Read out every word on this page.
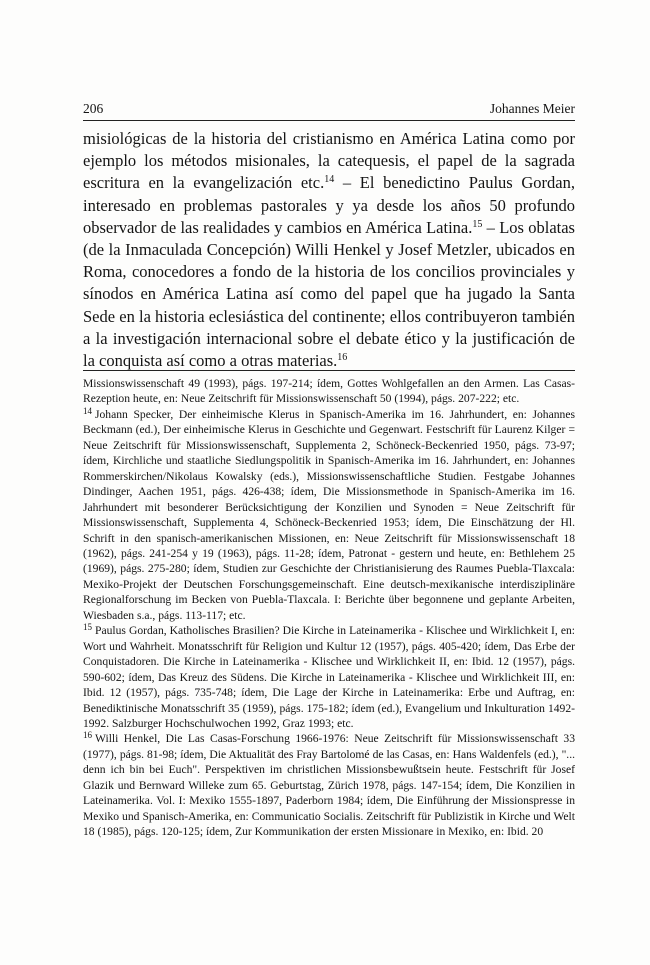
206	Johannes Meier

misiológicas de la historia del cristianismo en América Latina como por ejemplo los métodos misionales, la catequesis, el papel de la sagrada escritura en la evangelización etc.$^{14}$ – El benedictino Paulus Gordan, interesado en problemas pastorales y ya desde los años 50 profundo observador de las realidades y cambios en América Latina.$^{15}$ – Los oblatas (de la Inmaculada Concepción) Willi Henkel y Josef Metzler, ubicados en Roma, conocedores a fondo de la historia de los concilios provinciales y sínodos en América Latina así como del papel que ha jugado la Santa Sede en la historia eclesiástica del continente; ellos contribuyeron también a la investigación internacional sobre el debate ético y la justificación de la conquista así como a otras materias.$^{16}$

Missionswissenschaft 49 (1993), págs. 197-214; ídem, Gottes Wohlgefallen an den Armen. Las Casas-Rezeption heute, en: Neue Zeitschrift für Missionswissenschaft 50 (1994), págs. 207-222; etc.

$^{14}$ Johann Specker, Der einheimische Klerus in Spanisch-Amerika im 16. Jahrhundert, en: Johannes Beckmann (ed.), Der einheimische Klerus in Geschichte und Gegenwart. Festschrift für Laurenz Kilger = Neue Zeitschrift für Missionswissenschaft, Supplementa 2, Schöneck-Beckenried 1950, págs. 73-97; ídem, Kirchliche und staatliche Siedlungspolitik in Spanisch-Amerika im 16. Jahrhundert, en: Johannes Rommerskirchen/Nikolaus Kowalsky (eds.), Missionswissenschaftliche Studien. Festgabe Johannes Dindinger, Aachen 1951, págs. 426-438; ídem, Die Missionsmethode in Spanisch-Amerika im 16. Jahrhundert mit besonderer Berücksichtigung der Konzilien und Synoden = Neue Zeitschrift für Missionswissenschaft, Supplementa 4, Schöneck-Beckenried 1953; ídem, Die Einschätzung der Hl. Schrift in den spanisch-amerikanischen Missionen, en: Neue Zeitschrift für Missionswissenschaft 18 (1962), págs. 241-254 y 19 (1963), págs. 11-28; ídem, Patronat - gestern und heute, en: Bethlehem 25 (1969), págs. 275-280; ídem, Studien zur Geschichte der Christianisierung des Raumes Puebla-Tlaxcala: Mexiko-Projekt der Deutschen Forschungsgemeinschaft. Eine deutsch-mexikanische interdisziplinäre Regionalforschung im Becken von Puebla-Tlaxcala. I: Berichte über begonnene und geplante Arbeiten, Wiesbaden s.a., págs. 113-117; etc.

$^{15}$ Paulus Gordan, Katholisches Brasilien? Die Kirche in Lateinamerika - Klischee und Wirklichkeit I, en: Wort und Wahrheit. Monatsschrift für Religion und Kultur 12 (1957), págs. 405-420; ídem, Das Erbe der Conquistadoren. Die Kirche in Lateinamerika - Klischee und Wirklichkeit II, en: Ibid. 12 (1957), págs. 590-602; ídem, Das Kreuz des Südens. Die Kirche in Lateinamerika - Klischee und Wirklichkeit III, en: Ibid. 12 (1957), págs. 735-748; ídem, Die Lage der Kirche in Lateinamerika: Erbe und Auftrag, en: Benediktinische Monatsschrift 35 (1959), págs. 175-182; ídem (ed.), Evangelium und Inkulturation 1492-1992. Salzburger Hochschulwochen 1992, Graz 1993; etc.

$^{16}$ Willi Henkel, Die Las Casas-Forschung 1966-1976: Neue Zeitschrift für Missionswissenschaft 33 (1977), págs. 81-98; ídem, Die Aktualität des Fray Bartolomé de las Casas, en: Hans Waldenfels (ed.), "... denn ich bin bei Euch". Perspektiven im christlichen Missionsbewußtsein heute. Festschrift für Josef Glazik und Bernward Willeke zum 65. Geburtstag, Zürich 1978, págs. 147-154; ídem, Die Konzilien in Lateinamerika. Vol. I: Mexiko 1555-1897, Paderborn 1984; ídem, Die Einführung der Missionspresse in Mexiko und Spanisch-Amerika, en: Communicatio Socialis. Zeitschrift für Publizistik in Kirche und Welt 18 (1985), págs. 120-125; ídem, Zur Kommunikation der ersten Missionare in Mexiko, en: Ibid. 20
